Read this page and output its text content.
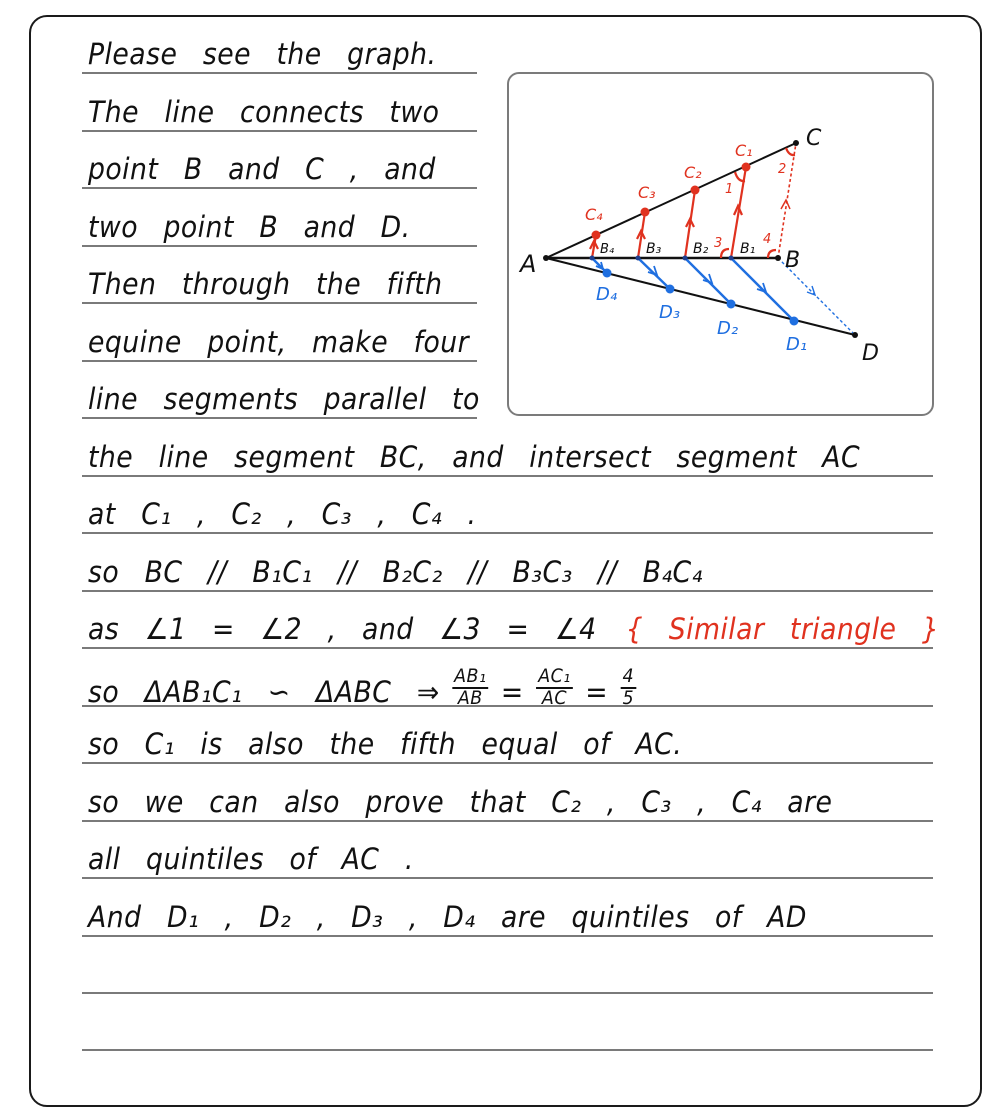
Please see the graph.
The line connects two
point B and C , and
two point B and D.
Then through the fifth
equine point, make four
line segments parallel to
the line segment BC, and intersect segment AC
at C₁ , C₂ , C₃ , C₄ .
so BC // B₁C₁ // B₂C₂ // B₃C₃ // B₄C₄
as ∠1 = ∠2 , and ∠3 = ∠4 { Similar triangle }
so ΔAB₁C₁ ∽ ΔABC ⇒ $\frac{\text{AB₁}}{AB} = \frac{\text{AC₁}}{AC} = \frac{4}{5}$
so C₁ is also the fifth equal of AC.
so we can also prove that C₂ , C₃ , C₄ are
all quintiles of AC .
And D₁ , D₂ , D₃ , D₄ are quintiles of AD
A	B
C
D
B₁
B₂
B₃
B₄
C₁
C₂
C₃
C₄
D₁
D₂
D₃
D₄
1
2
3	4
